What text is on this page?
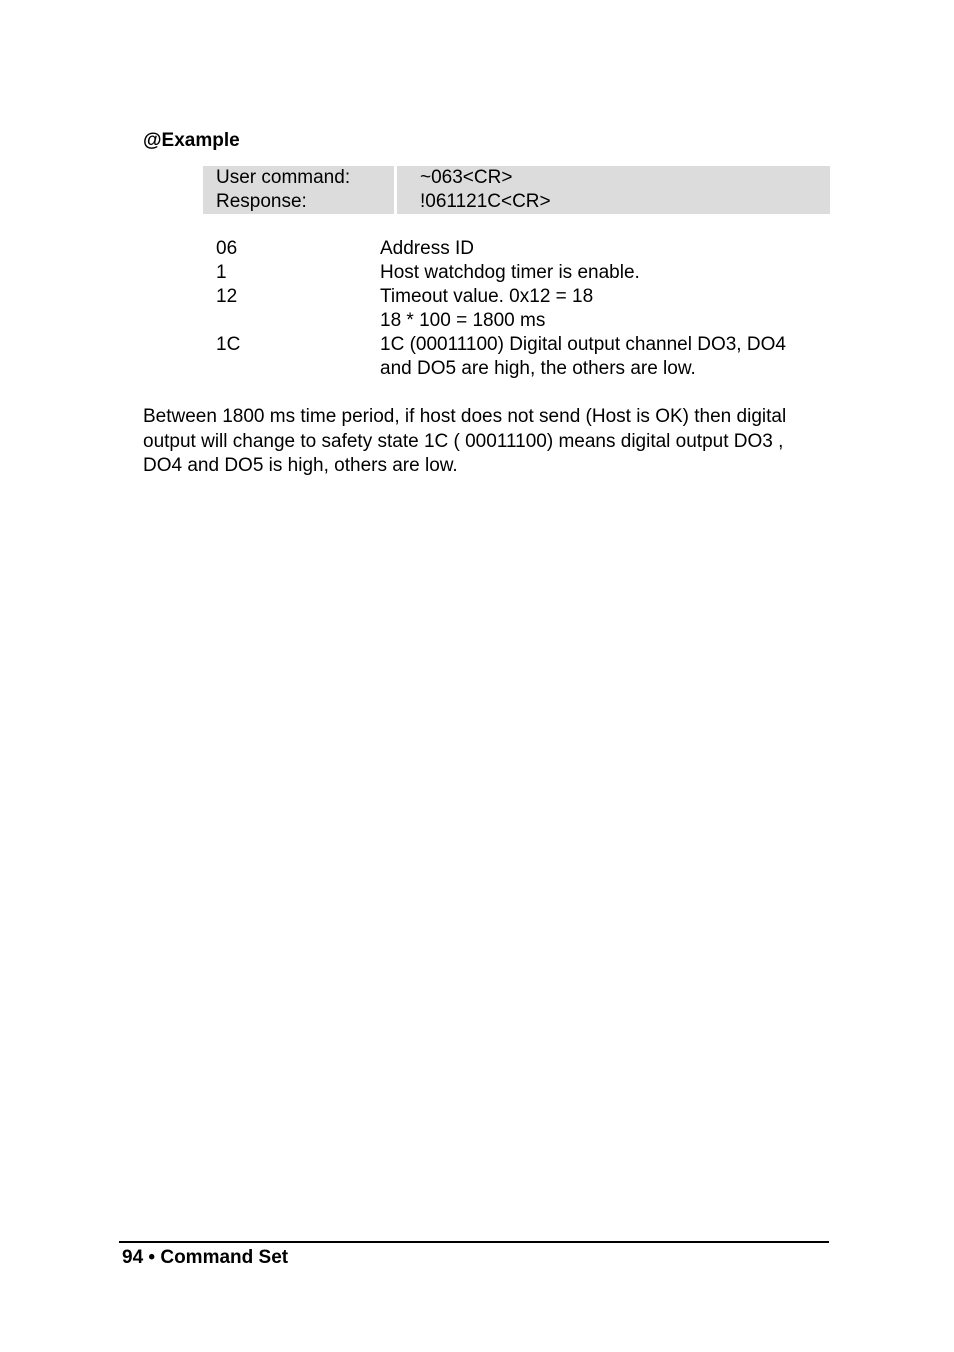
@Example
User command:	~063<CR>
Response:	!061121C<CR>
06	Address ID
1	Host watchdog timer is enable.
12	Timeout value. 0x12 = 18
18 * 100 = 1800 ms
1C	1C (00011100) Digital output channel DO3, DO4
and DO5 are high, the others are low.
Between 1800 ms time period, if host does not send (Host is OK) then digital
output will change to safety state 1C ( 00011100) means digital output DO3 ,
DO4 and DO5 is high, others are low.
94 • Command Set
